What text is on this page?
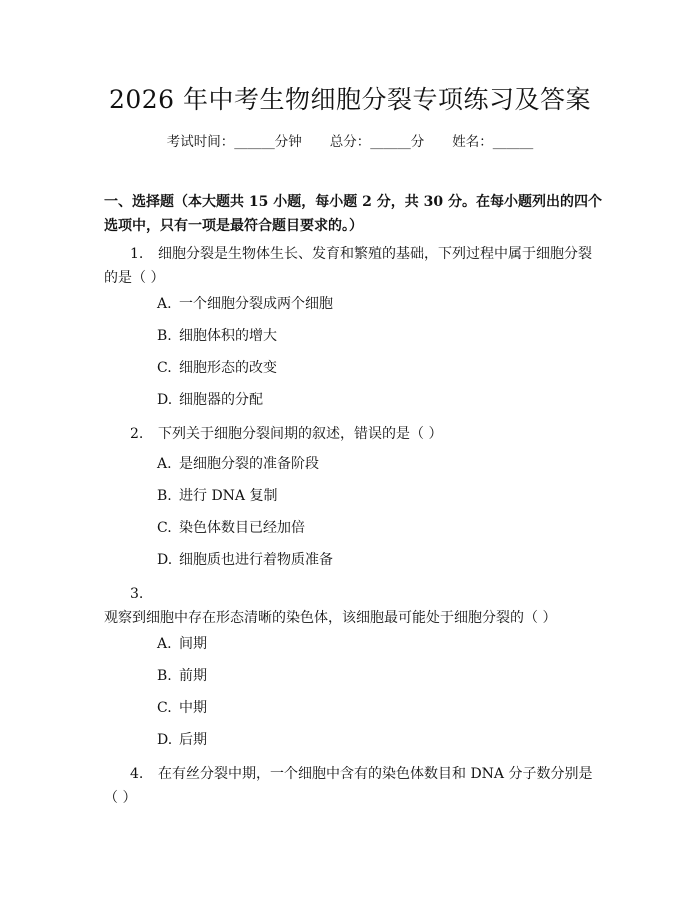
2026 年中考生物细胞分裂专项练习及答案
考试时间：______分钟 总分：______分 姓名：______
一、选择题（本大题共 15 小题，每小题 2 分，共 30 分。在每小题列出的四个选项中，只有一项是最符合题目要求的。）
1. 细胞分裂是生物体生长、发育和繁殖的基础，下列过程中属于细胞分裂的是（ ）
A. 一个细胞分裂成两个细胞
B. 细胞体积的增大
C. 细胞形态的改变
D. 细胞器的分配
2. 下列关于细胞分裂间期的叙述，错误的是（ ）
A. 是细胞分裂的准备阶段
B. 进行 DNA 复制
C. 染色体数目已经加倍
D. 细胞质也进行着物质准备
3.观察到细胞中存在形态清晰的染色体，该细胞最可能处于细胞分裂的（ ）
A. 间期
B. 前期
C. 中期
D. 后期
4. 在有丝分裂中期，一个细胞中含有的染色体数目和 DNA 分子数分别是（ ）
